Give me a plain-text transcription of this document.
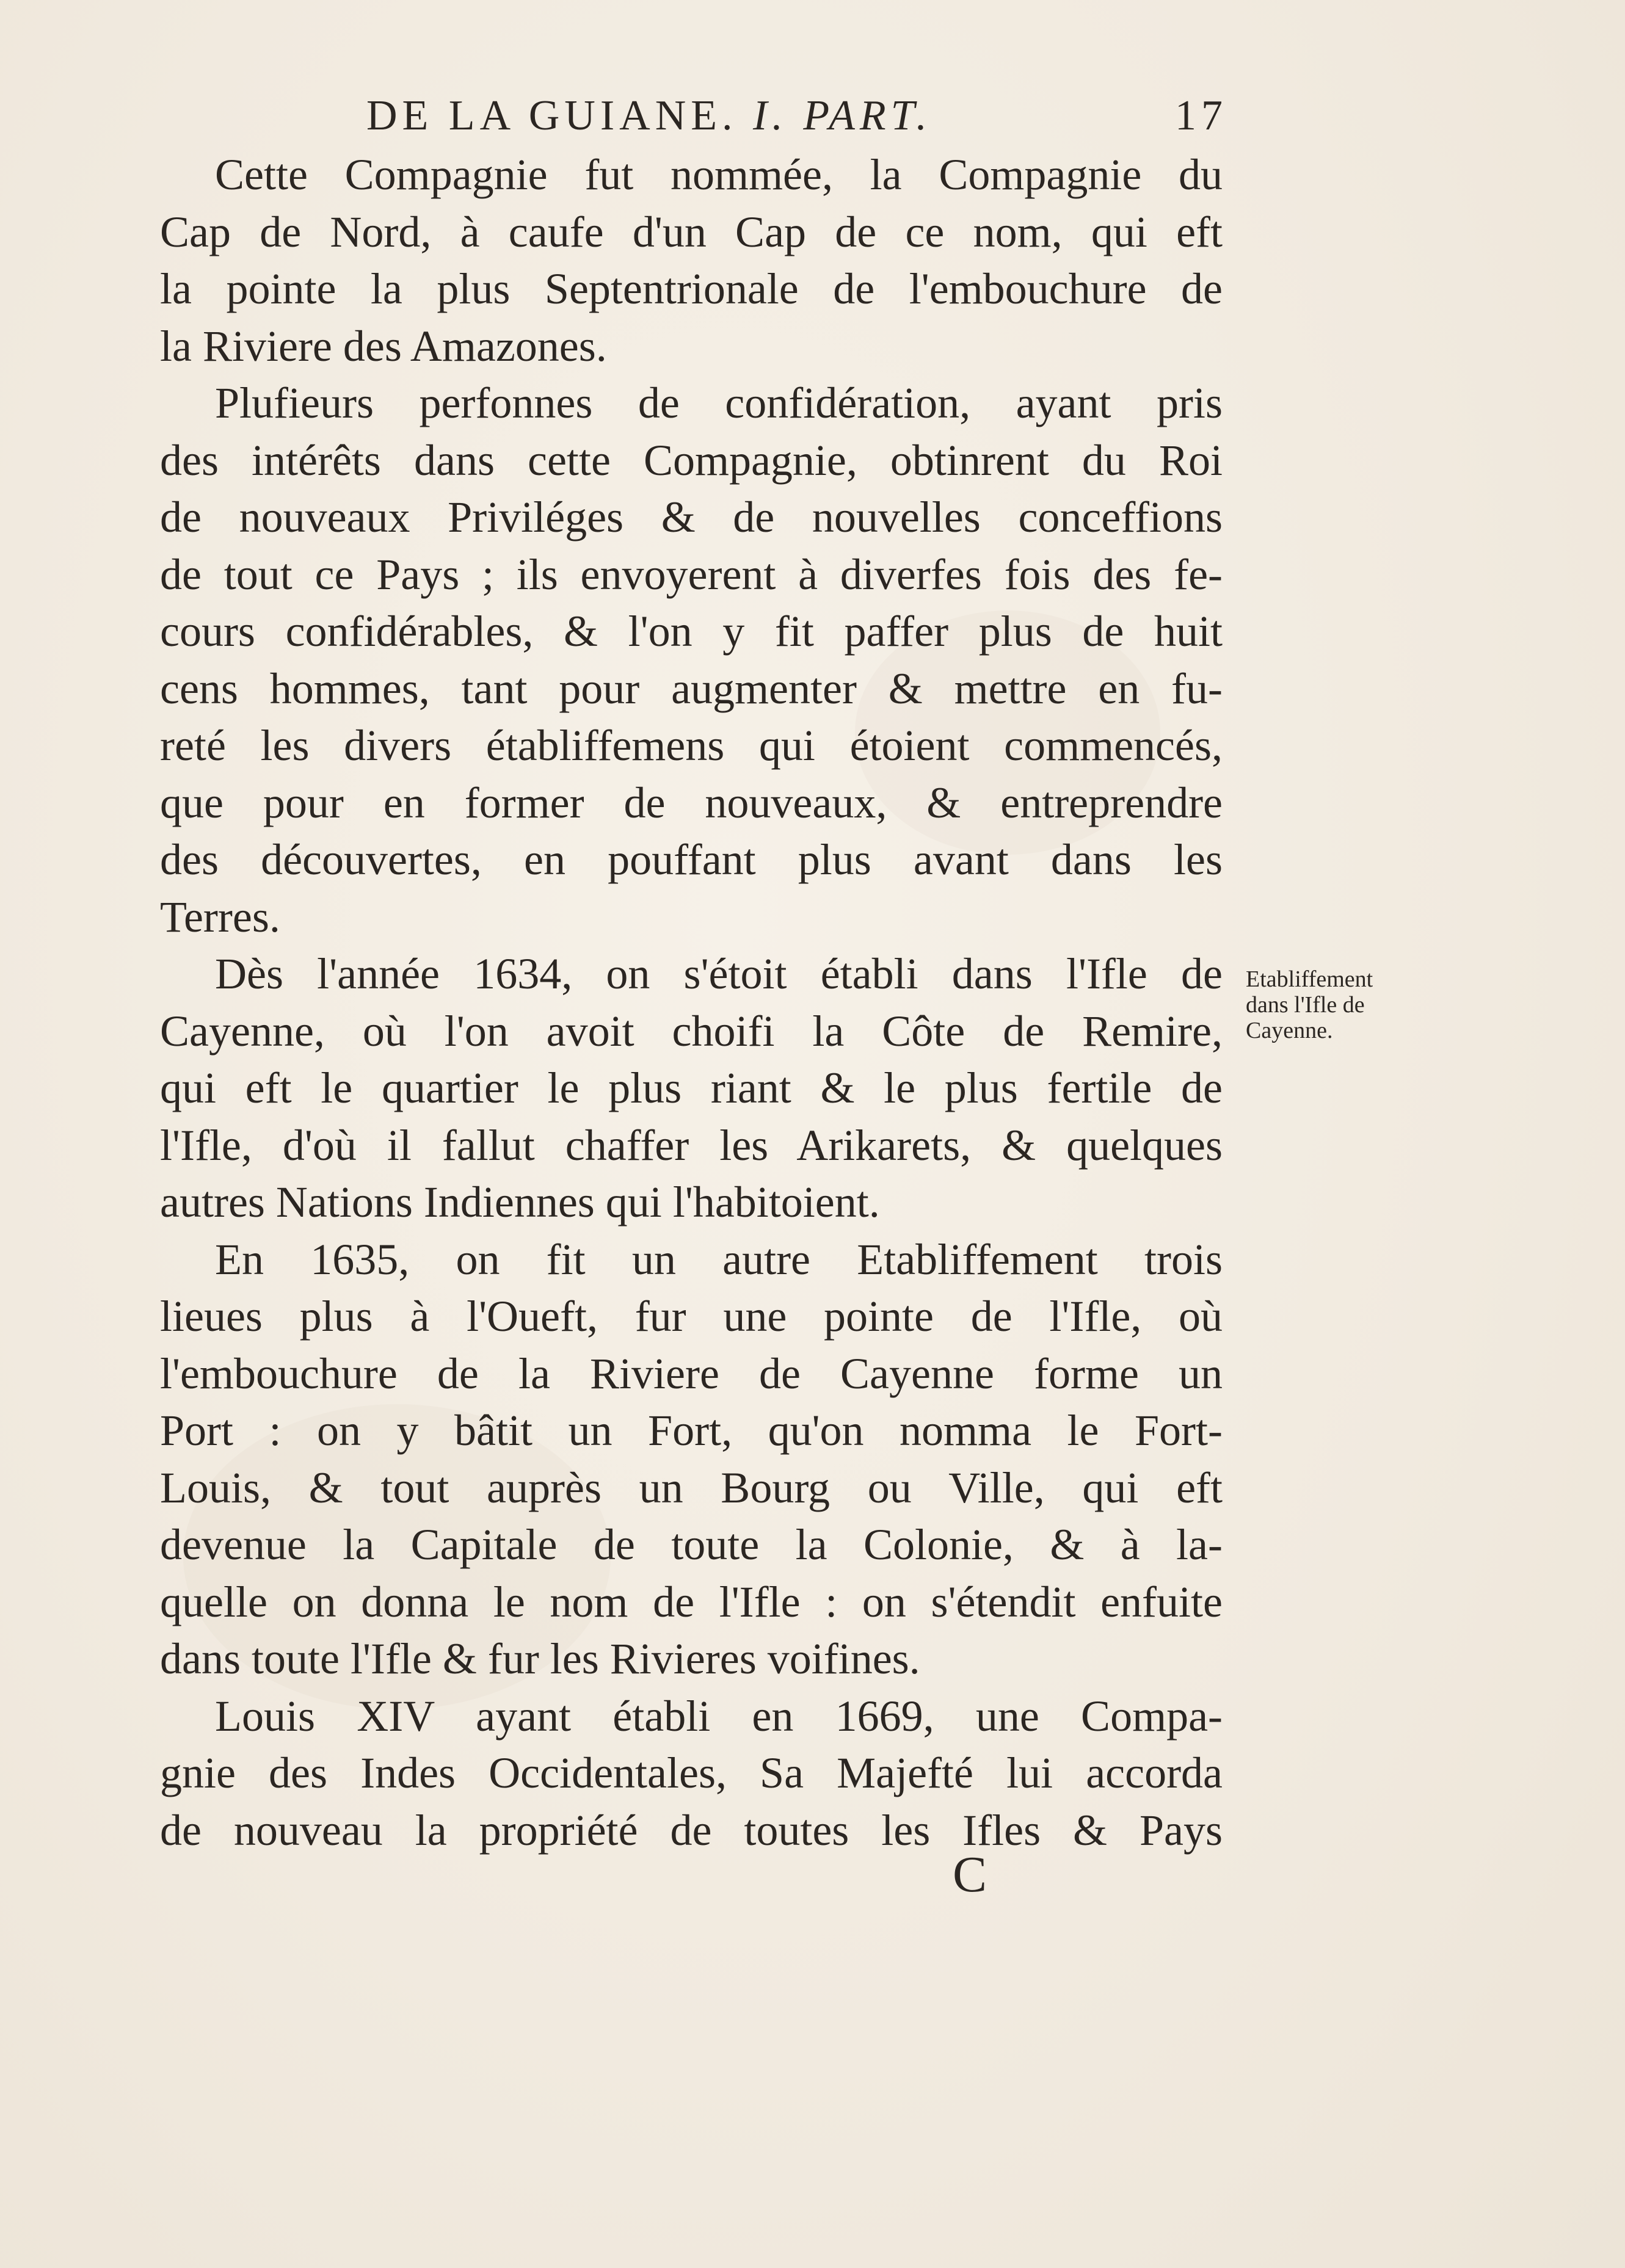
DE LA GUIANE. I. PART.	17
Cette Compagnie fut nommée, la Compagnie du
Cap de Nord, à caufe d'un Cap de ce nom, qui eft
la pointe la plus Septentrionale de l'embouchure de
la Riviere des Amazones.
Plufieurs perfonnes de confidération, ayant pris
des intérêts dans cette Compagnie, obtinrent du Roi
de nouveaux Priviléges & de nouvelles conceffions
de tout ce Pays ; ils envoyerent à diverfes fois des fe-
cours confidérables, & l'on y fit paffer plus de huit
cens hommes, tant pour augmenter & mettre en fu-
reté les divers établiffemens qui étoient commencés,
que pour en former de nouveaux, & entreprendre
des découvertes, en pouffant plus avant dans les
Terres.
Dès l'année 1634, on s'étoit établi dans l'Ifle de
Cayenne, où l'on avoit choifi la Côte de Remire,
qui eft le quartier le plus riant & le plus fertile de
l'Ifle, d'où il fallut chaffer les Arikarets, & quelques
autres Nations Indiennes qui l'habitoient.
En 1635, on fit un autre Etabliffement trois
lieues plus à l'Oueft, fur une pointe de l'Ifle, où
l'embouchure de la Riviere de Cayenne forme un
Port : on y bâtit un Fort, qu'on nomma le Fort-
Louis, & tout auprès un Bourg ou Ville, qui eft
devenue la Capitale de toute la Colonie, & à la-
quelle on donna le nom de l'Ifle : on s'étendit enfuite
dans toute l'Ifle & fur les Rivieres voifines.
Louis XIV ayant établi en 1669, une Compa-
gnie des Indes Occidentales, Sa Majefté lui accorda
de nouveau la propriété de toutes les Ifles & Pays
Etabliffement
dans l'Ifle de
Cayenne.
C
